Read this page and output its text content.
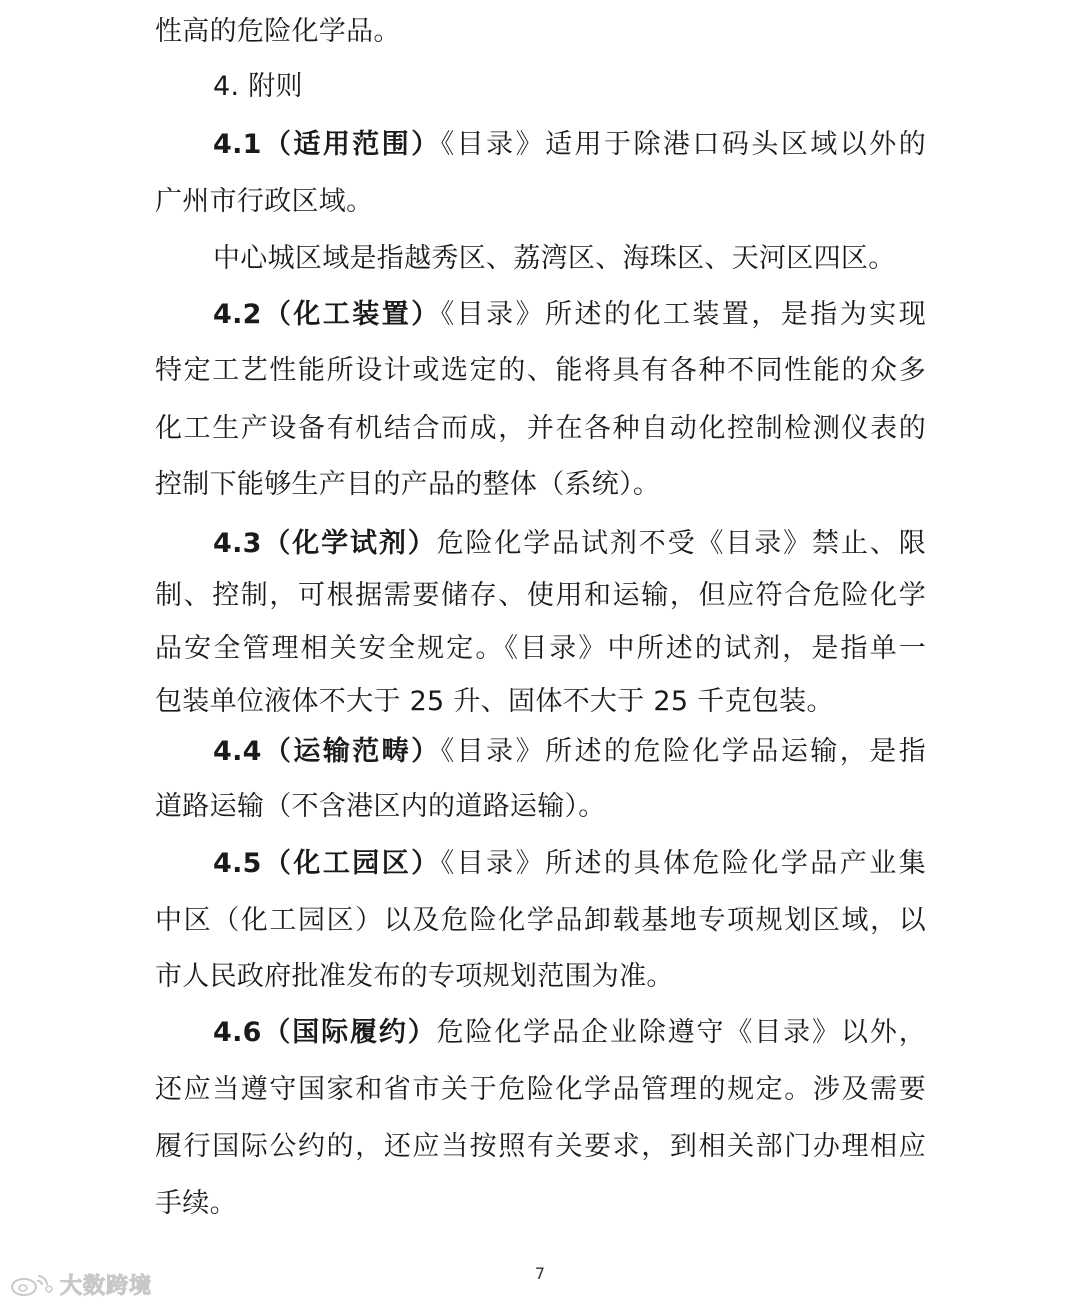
性高的危险化学品。
4. 附则
4.1（适用范围）《目录》适用于除港口码头区域以外的
广州市行政区域。
中心城区域是指越秀区、荔湾区、海珠区、天河区四区。
4.2（化工装置）《目录》所述的化工装置，是指为实现
特定工艺性能所设计或选定的、能将具有各种不同性能的众多
化工生产设备有机结合而成，并在各种自动化控制检测仪表的
控制下能够生产目的产品的整体（系统）。
4.3（化学试剂）危险化学品试剂不受《目录》禁止、限
制、控制，可根据需要储存、使用和运输，但应符合危险化学
品安全管理相关安全规定。《目录》中所述的试剂，是指单一
包装单位液体不大于 25 升、固体不大于 25 千克包装。
4.4（运输范畴）《目录》所述的危险化学品运输，是指
道路运输（不含港区内的道路运输）。
4.5（化工园区）《目录》所述的具体危险化学品产业集
中区（化工园区）以及危险化学品卸载基地专项规划区域，以
市人民政府批准发布的专项规划范围为准。
4.6（国际履约）危险化学品企业除遵守《目录》以外，
还应当遵守国家和省市关于危险化学品管理的规定。涉及需要
履行国际公约的，还应当按照有关要求，到相关部门办理相应
手续。
7
大数跨境
